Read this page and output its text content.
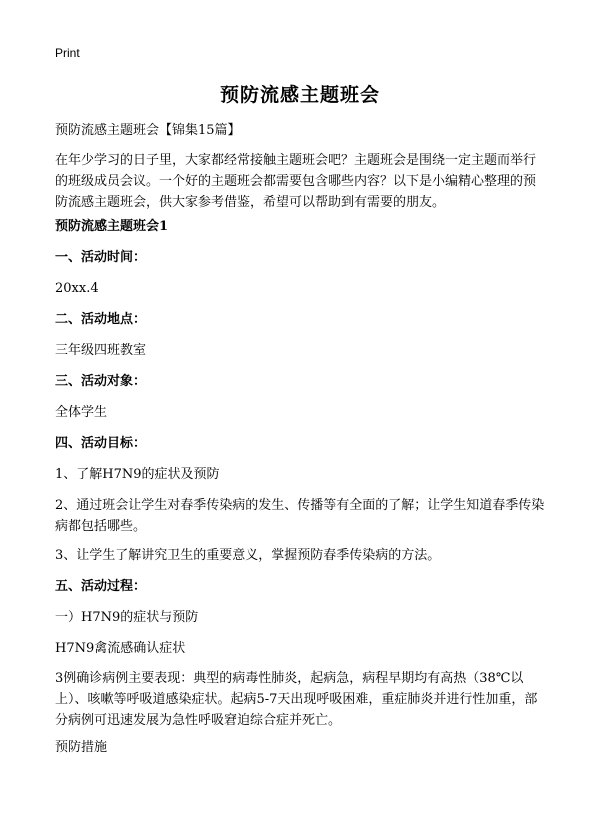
Print
预防流感主题班会
预防流感主题班会【锦集15篇】
在年少学习的日子里，大家都经常接触主题班会吧？主题班会是围绕一定主题而举行的班级成员会议。一个好的主题班会都需要包含哪些内容？以下是小编精心整理的预防流感主题班会，供大家参考借鉴，希望可以帮助到有需要的朋友。
预防流感主题班会1
一、活动时间：
20xx.4
二、活动地点：
三年级四班教室
三、活动对象：
全体学生
四、活动目标：
1、了解H7N9的症状及预防
2、通过班会让学生对春季传染病的发生、传播等有全面的了解；让学生知道春季传染病都包括哪些。
3、让学生了解讲究卫生的重要意义，掌握预防春季传染病的方法。
五、活动过程：
一）H7N9的症状与预防
H7N9禽流感确认症状
3例确诊病例主要表现：典型的病毒性肺炎，起病急，病程早期均有高热（38℃以上）、咳嗽等呼吸道感染症状。起病5-7天出现呼吸困难，重症肺炎并进行性加重，部分病例可迅速发展为急性呼吸窘迫综合症并死亡。
预防措施
